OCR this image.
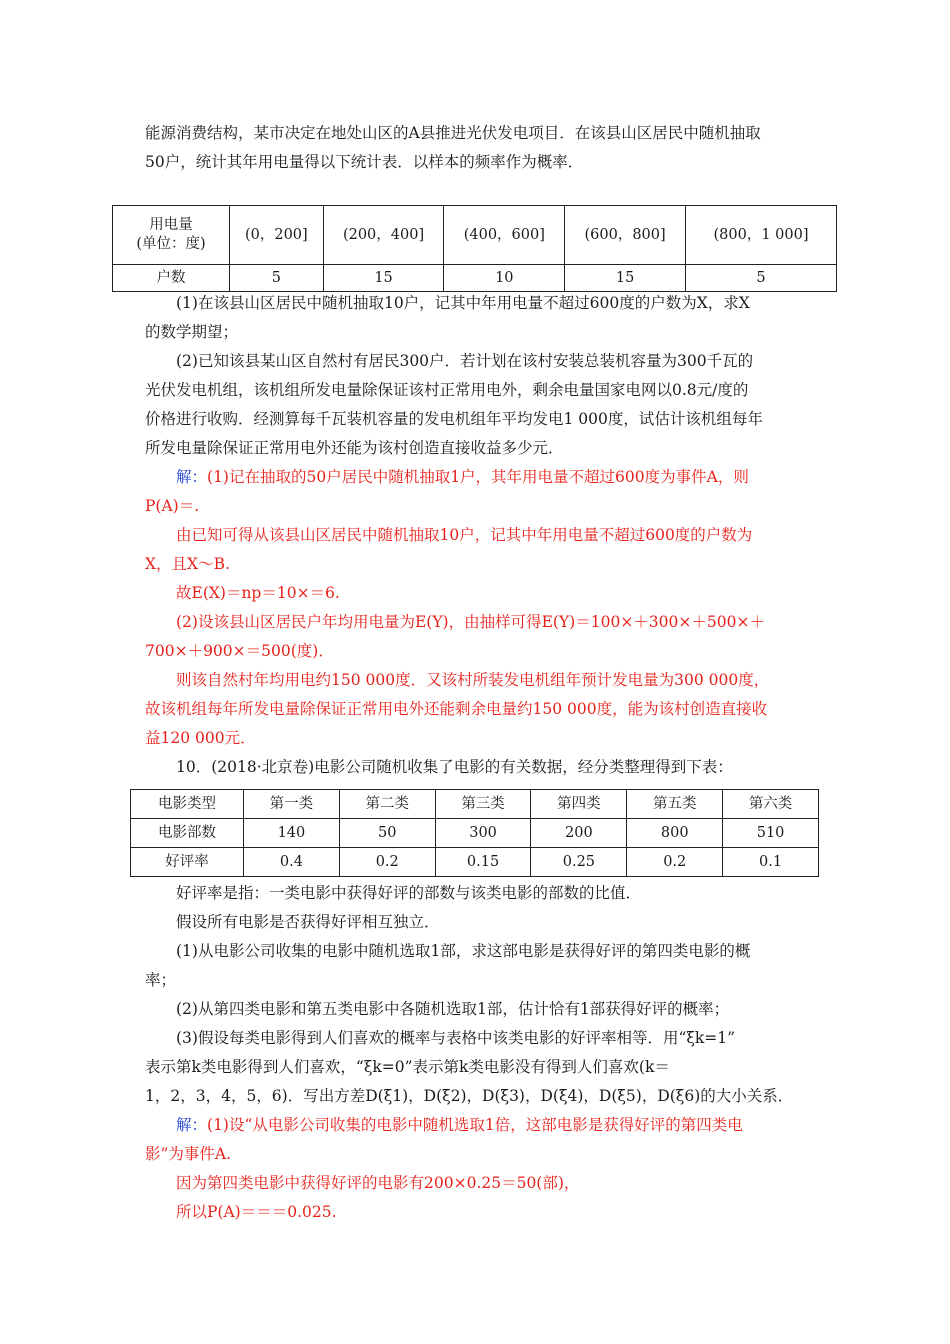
能源消费结构，某市决定在地处山区的A县推进光伏发电项目．在该县山区居民中随机抽取
50户，统计其年用电量得以下统计表．以样本的频率作为概率．
用电量
(单位：度)	(0，200]	(200，400]	(400，600]	(600，800]	(800，1 000]
户数	5	15	10	15	5
(1)在该县山区居民中随机抽取10户，记其中年用电量不超过600度的户数为X，求X
的数学期望；
(2)已知该县某山区自然村有居民300户．若计划在该村安装总装机容量为300千瓦的
光伏发电机组，该机组所发电量除保证该村正常用电外，剩余电量国家电网以0.8元/度的
价格进行收购．经测算每千瓦装机容量的发电机组年平均发电1 000度，试估计该机组每年
所发电量除保证正常用电外还能为该村创造直接收益多少元．
解：(1)记在抽取的50户居民中随机抽取1户，其年用电量不超过600度为事件A，则
P(A)＝.
由已知可得从该县山区居民中随机抽取10户，记其中年用电量不超过600度的户数为
X，且X～B.
故E(X)＝np＝10×＝6.
(2)设该县山区居民户年均用电量为E(Y)，由抽样可得E(Y)＝100×＋300×＋500×＋
700×＋900×＝500(度)．
则该自然村年均用电约150 000度．又该村所装发电机组年预计发电量为300 000度，
故该机组每年所发电量除保证正常用电外还能剩余电量约150 000度，能为该村创造直接收
益120 000元．
10．(2018·北京卷)电影公司随机收集了电影的有关数据，经分类整理得到下表：
电影类型	第一类	第二类	第三类	第四类	第五类	第六类
电影部数	140	50	300	200	800	510
好评率	0.4	0.2	0.15	0.25	0.2	0.1
好评率是指：一类电影中获得好评的部数与该类电影的部数的比值．
假设所有电影是否获得好评相互独立．
(1)从电影公司收集的电影中随机选取1部，求这部电影是获得好评的第四类电影的概
率；
(2)从第四类电影和第五类电影中各随机选取1部，估计恰有1部获得好评的概率；
(3)假设每类电影得到人们喜欢的概率与表格中该类电影的好评率相等．用“ξk=1”
表示第k类电影得到人们喜欢，“ξk=0”表示第k类电影没有得到人们喜欢(k＝
1，2，3，4，5，6)．写出方差D(ξ1)，D(ξ2)，D(ξ3)，D(ξ4)，D(ξ5)，D(ξ6)的大小关系．
解：(1)设“从电影公司收集的电影中随机选取1倍，这部电影是获得好评的第四类电
影”为事件A.
因为第四类电影中获得好评的电影有200×0.25＝50(部)，
所以P(A)＝＝＝0.025.
